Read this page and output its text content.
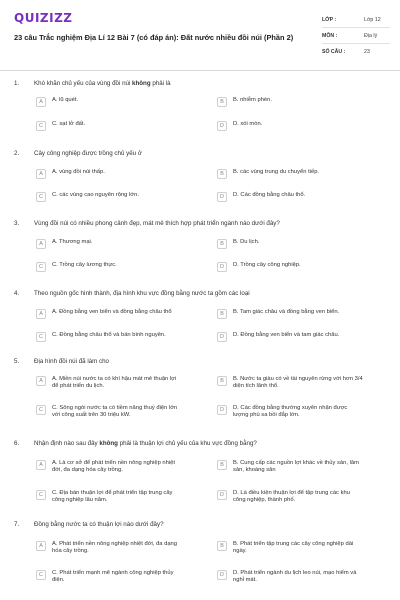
QUIZIZZ
23 câu Trắc nghiệm Địa Lí 12 Bài 7 (có đáp án): Đất nước nhiều đồi núi (Phần 2)
LỚP :	Lớp 12
MÔN :	Địa lý
SỐ CÂU :	23
1. Khó khăn chủ yếu của vùng đồi núi không phải là
A	A. lũ quét.	B	B. nhiễm phèn.
C	C. sạt lở đất.	D	D. xói mòn.
2. Cây công nghiệp được trồng chủ yếu ở
A	A. vùng đồi núi thấp.	B	B. các vùng trung du chuyển tiếp.
C	C. các vùng cao nguyên rộng lớn.	D	D. Các đồng bằng châu thổ.
3. Vùng đồi núi có nhiều phong cảnh đẹp, mát mẻ thích hợp phát triển ngành nào dưới đây?
A	A. Thương mại.	B	B. Du lịch.
C	C. Trồng cây lương thực.	D	D. Trồng cây công nghiệp.
4. Theo nguồn gốc hình thành, địa hình khu vực đồng bằng nước ta gồm các loại
A	A. Đồng bằng ven biển và đồng bằng châu thổ	B	B. Tam giác châu và đồng bằng ven biển.
C	C. Đồng bằng châu thổ và bán bình nguyên.	D	D. Đồng bằng ven biển và tam giác châu.
5. Địa hình đồi núi đã làm cho
A	A. Miền núi nước ta có khí hậu mát mẻ thuận lợi để phát triển du lịch.
B	B. Nước ta giàu có về tài nguyên rừng với hơn 3/4 diện tích lãnh thổ.
C	C. Sông ngòi nước ta có tiềm năng thuỷ điện lớn với công suất trên 30 triệu kW.
D	D. Các đồng bằng thường xuyên nhận được lượng phù sa bồi đắp lớn.
6. Nhận định nào sau đây không phải là thuận lợi chủ yếu của khu vực đồng bằng?
A	A. Là cơ sở để phát triển nền nông nghiệp nhiệt đới, đa dạng hóa cây trồng.
B	B. Cung cấp các nguồn lợi khác về thủy sản, lâm sản, khoáng sản
C	C. Địa bàn thuận lợi để phát triển tập trung cây công nghiệp lâu năm.
D	D. Là điều kiện thuận lợi để tập trung các khu công nghiệp, thành phố.
7. Đồng bằng nước ta có thuận lợi nào dưới đây?
A	A. Phát triển nền nông nghiệp nhiệt đới, đa dạng hóa cây trồng.
B	B. Phát triển tập trung các cây công nghiệp dài ngày.
C	C. Phát triển mạnh mẽ ngành công nghiệp thủy điện.
D	D. Phát triển ngành du lịch leo núi, mạo hiểm và nghỉ mát.
